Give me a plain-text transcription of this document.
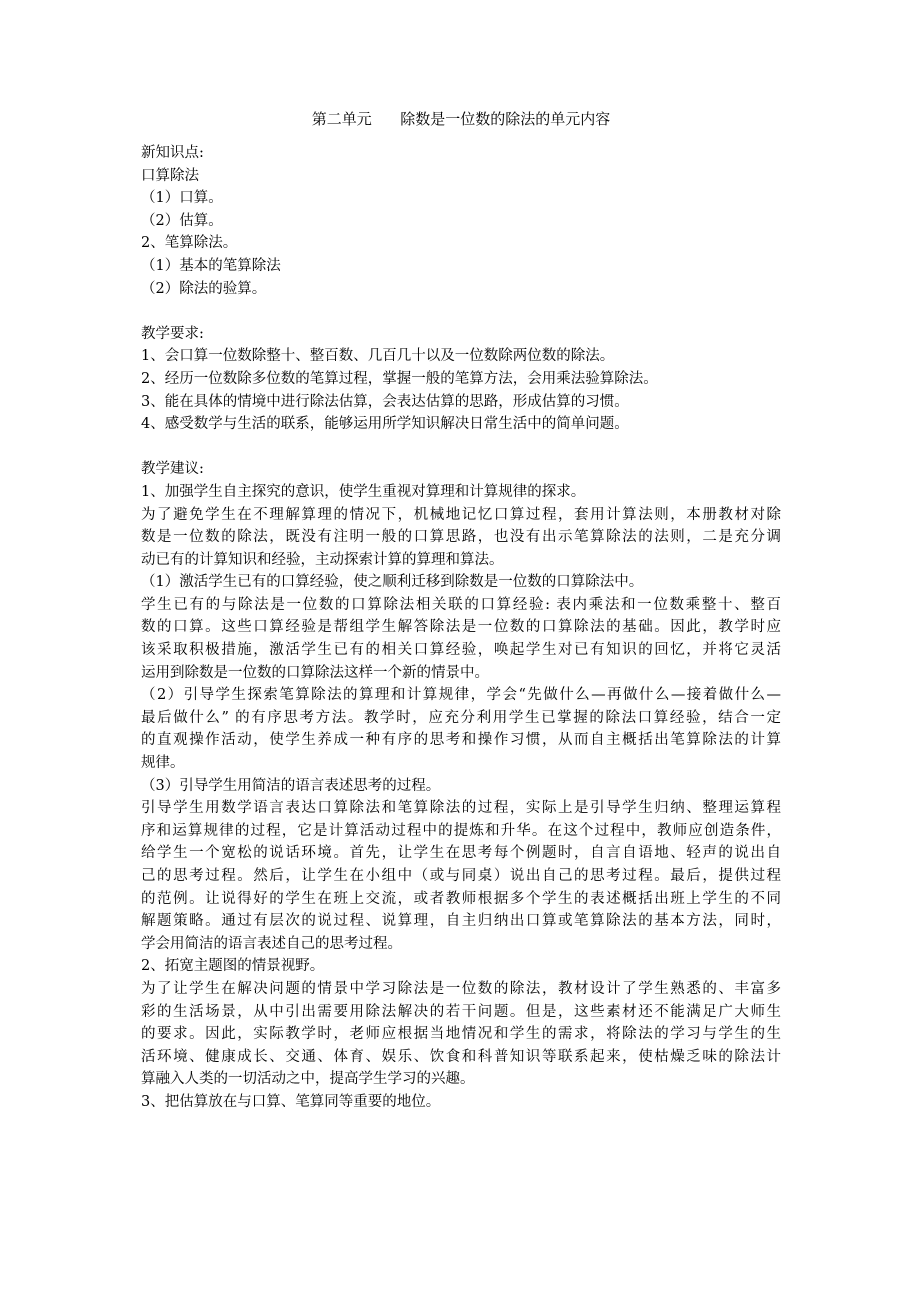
第二单元      除数是一位数的除法的单元内容
新知识点:
口算除法
（1）口算。
（2）估算。
2、笔算除法。
（1）基本的笔算除法
（2）除法的验算。
教学要求:
1、会口算一位数除整十、整百数、几百几十以及一位数除两位数的除法。
2、经历一位数除多位数的笔算过程，掌握一般的笔算方法，会用乘法验算除法。
3、能在具体的情境中进行除法估算，会表达估算的思路，形成估算的习惯。
4、感受数学与生活的联系，能够运用所学知识解决日常生活中的简单问题。
教学建议:
1、加强学生自主探究的意识，使学生重视对算理和计算规律的探求。
为了避免学生在不理解算理的情况下，机械地记忆口算过程，套用计算法则，本册教材对除
数是一位数的除法，既没有注明一般的口算思路，也没有出示笔算除法的法则，二是充分调
动已有的计算知识和经验，主动探索计算的算理和算法。
（1）激活学生已有的口算经验，使之顺利迁移到除数是一位数的口算除法中。
学生已有的与除法是一位数的口算除法相关联的口算经验: 表内乘法和一位数乘整十、整百
数的口算。这些口算经验是帮组学生解答除法是一位数的口算除法的基础。因此，教学时应
该采取积极措施，激活学生已有的相关口算经验，唤起学生对已有知识的回忆，并将它灵活
运用到除数是一位数的口算除法这样一个新的情景中。
（2）引导学生探索笔算除法的算理和计算规律，学会“先做什么—再做什么—接着做什么—
最后做什么” 的有序思考方法。教学时，应充分利用学生已掌握的除法口算经验，结合一定
的直观操作活动，使学生养成一种有序的思考和操作习惯，从而自主概括出笔算除法的计算
规律。
（3）引导学生用简洁的语言表述思考的过程。
引导学生用数学语言表达口算除法和笔算除法的过程，实际上是引导学生归纳、整理运算程
序和运算规律的过程，它是计算活动过程中的提炼和升华。在这个过程中，教师应创造条件，
给学生一个宽松的说话环境。首先，让学生在思考每个例题时，自言自语地、轻声的说出自
己的思考过程。然后，让学生在小组中（或与同桌）说出自己的思考过程。最后，提供过程
的范例。让说得好的学生在班上交流，或者教师根据多个学生的表述概括出班上学生的不同
解题策略。通过有层次的说过程、说算理，自主归纳出口算或笔算除法的基本方法，同时，
学会用简洁的语言表述自己的思考过程。
2、拓宽主题图的情景视野。
为了让学生在解决问题的情景中学习除法是一位数的除法，教材设计了学生熟悉的、丰富多
彩的生活场景，从中引出需要用除法解决的若干问题。但是，这些素材还不能满足广大师生
的要求。因此，实际教学时，老师应根据当地情况和学生的需求，将除法的学习与学生的生
活环境、健康成长、交通、体育、娱乐、饮食和科普知识等联系起来，使枯燥乏味的除法计
算融入人类的一切活动之中，提高学生学习的兴趣。
3、把估算放在与口算、笔算同等重要的地位。
